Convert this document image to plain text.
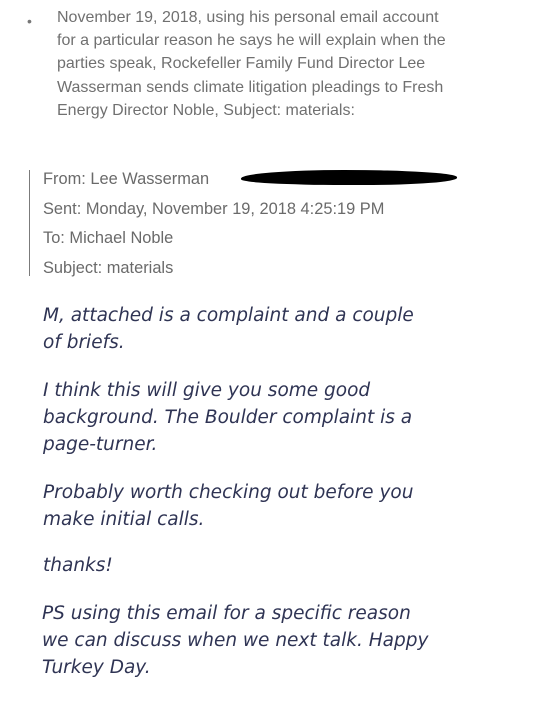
• November 19, 2018, using his personal email account
for a particular reason he says he will explain when the
parties speak, Rockefeller Family Fund Director Lee
Wasserman sends climate litigation pleadings to Fresh
Energy Director Noble, Subject: materials:

From: Lee Wasserman
Sent: Monday, November 19, 2018 4:25:19 PM
To: Michael Noble
Subject: materials

M, attached is a complaint and a couple
of briefs.

I think this will give you some good
background. The Boulder complaint is a
page-turner.

Probably worth checking out before you
make initial calls.

thanks!

PS using this email for a specific reason
we can discuss when we next talk. Happy
Turkey Day.
